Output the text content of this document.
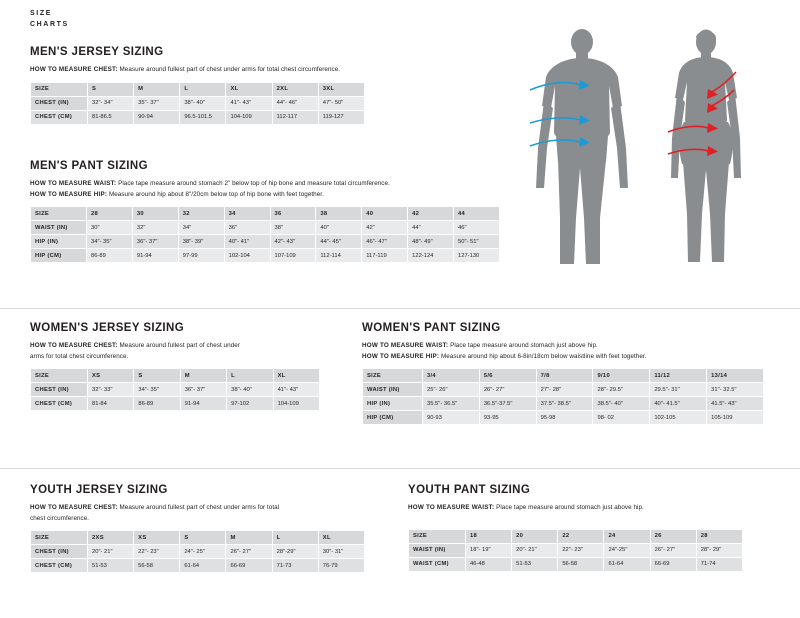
SIZE
CHARTS
MEN'S JERSEY SIZING

HOW TO MEASURE CHEST: Measure around fullest part of chest under arms for total chest circumference.

SIZE	S	M	L	XL	2XL	3XL
CHEST (IN)	32"- 34"	35"- 37"	38"- 40"	41"- 43"	44"- 46"	47"- 50"
CHEST (CM)	81-86.5	90-94	96.5-101.5	104-109	112-117	119-127
MEN'S PANT SIZING

HOW TO MEASURE WAIST: Place tape measure around stomach 2" below top of hip bone and measure total circumference.

HOW TO MEASURE HIP: Measure around hip about 8"/20cm below top of hip bone with feet together.

SIZE	28	30	32	34	36	38	40	42	44
WAIST (IN)	30"	32"	34"	36"	38"	40"	42"	44"	46"
HIP (IN)	34"- 35"	36"- 37"	38"- 39"	40"- 41"	42"- 43"	44"- 45"	46"- 47"	48"- 49"	50"- 51"
HIP (CM)	86-89	91-94	97-99	102-104	107-109	112-114	117-119	122-124	127-130
WOMEN'S JERSEY SIZING

HOW TO MEASURE CHEST: Measure around fullest part of chest under

arms for total chest circumference.

SIZE	XS	S	M	L	XL
CHEST (IN)	32"- 33"	34"- 35"	36"- 37"	38"- 40"	41"- 43"
CHEST (CM)	81-84	86-89	91-94	97-102	104-109
WOMEN'S PANT SIZING

HOW TO MEASURE WAIST: Place tape measure around stomach just above hip.

HOW TO MEASURE HIP: Measure around hip about 6-8in/18cm below waistline with feet together.

SIZE	3/4	5/6	7/8	9/10	11/12	13/14
WAIST (IN)	25"- 26"	26"- 27"	27"- 28"	28"- 29.5"	29.5"- 31"	31"- 32.5"
HIP (IN)	35.5"- 36.5"	36.5"-37.5"	37.5"- 38.5"	38.5"- 40"	40"- 41.5"	41.5"- 43"
HIP (CM)	90-93	93-95	95-98	98- 02	102-105	105-109
YOUTH JERSEY SIZING

HOW TO MEASURE CHEST: Measure around fullest part of chest under arms for total

chest circumference.

SIZE	2XS	XS	S	M	L	XL
CHEST (IN)	20"- 21"	22"- 23"	24"- 25"	26"- 27"	28"-29"	30"- 31"
CHEST (CM)	51-53	56-58	61-64	66-69	71-73	76-79
YOUTH PANT SIZING

HOW TO MEASURE WAIST: Place tape measure around stomach just above hip.

SIZE	18	20	22	24	26	28
WAIST (IN)	18"- 19"	20"- 21"	22"- 23"	24"-25"	26"- 27"	28"- 29"
WAIST (CM)	46-48	51-53	56-58	61-64	66-69	71-74
